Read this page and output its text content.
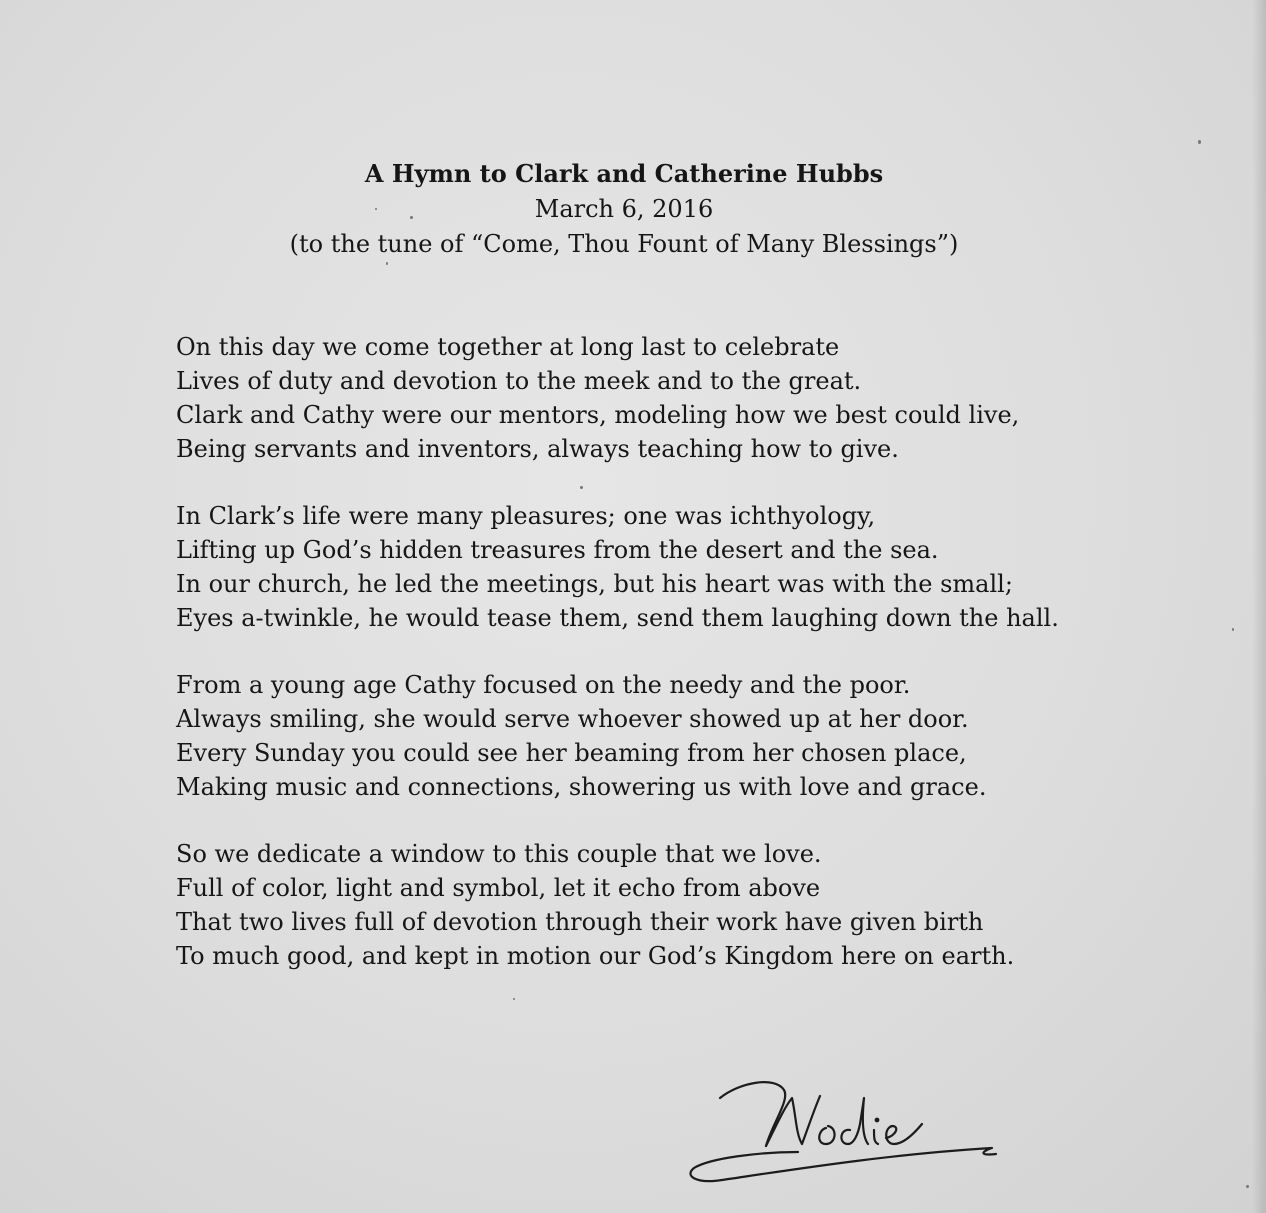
A Hymn to Clark and Catherine Hubbs
March 6, 2016
(to the tune of “Come, Thou Fount of Many Blessings”)
On this day we come together at long last to celebrate
Lives of duty and devotion to the meek and to the great.
Clark and Cathy were our mentors, modeling how we best could live,
Being servants and inventors, always teaching how to give.
In Clark’s life were many pleasures; one was ichthyology,
Lifting up God’s hidden treasures from the desert and the sea.
In our church, he led the meetings, but his heart was with the small;
Eyes a-twinkle, he would tease them, send them laughing down the hall.
From a young age Cathy focused on the needy and the poor.
Always smiling, she would serve whoever showed up at her door.
Every Sunday you could see her beaming from her chosen place,
Making music and connections, showering us with love and grace.
So we dedicate a window to this couple that we love.
Full of color, light and symbol, let it echo from above
That two lives full of devotion through their work have given birth
To much good, and kept in motion our God’s Kingdom here on earth.
